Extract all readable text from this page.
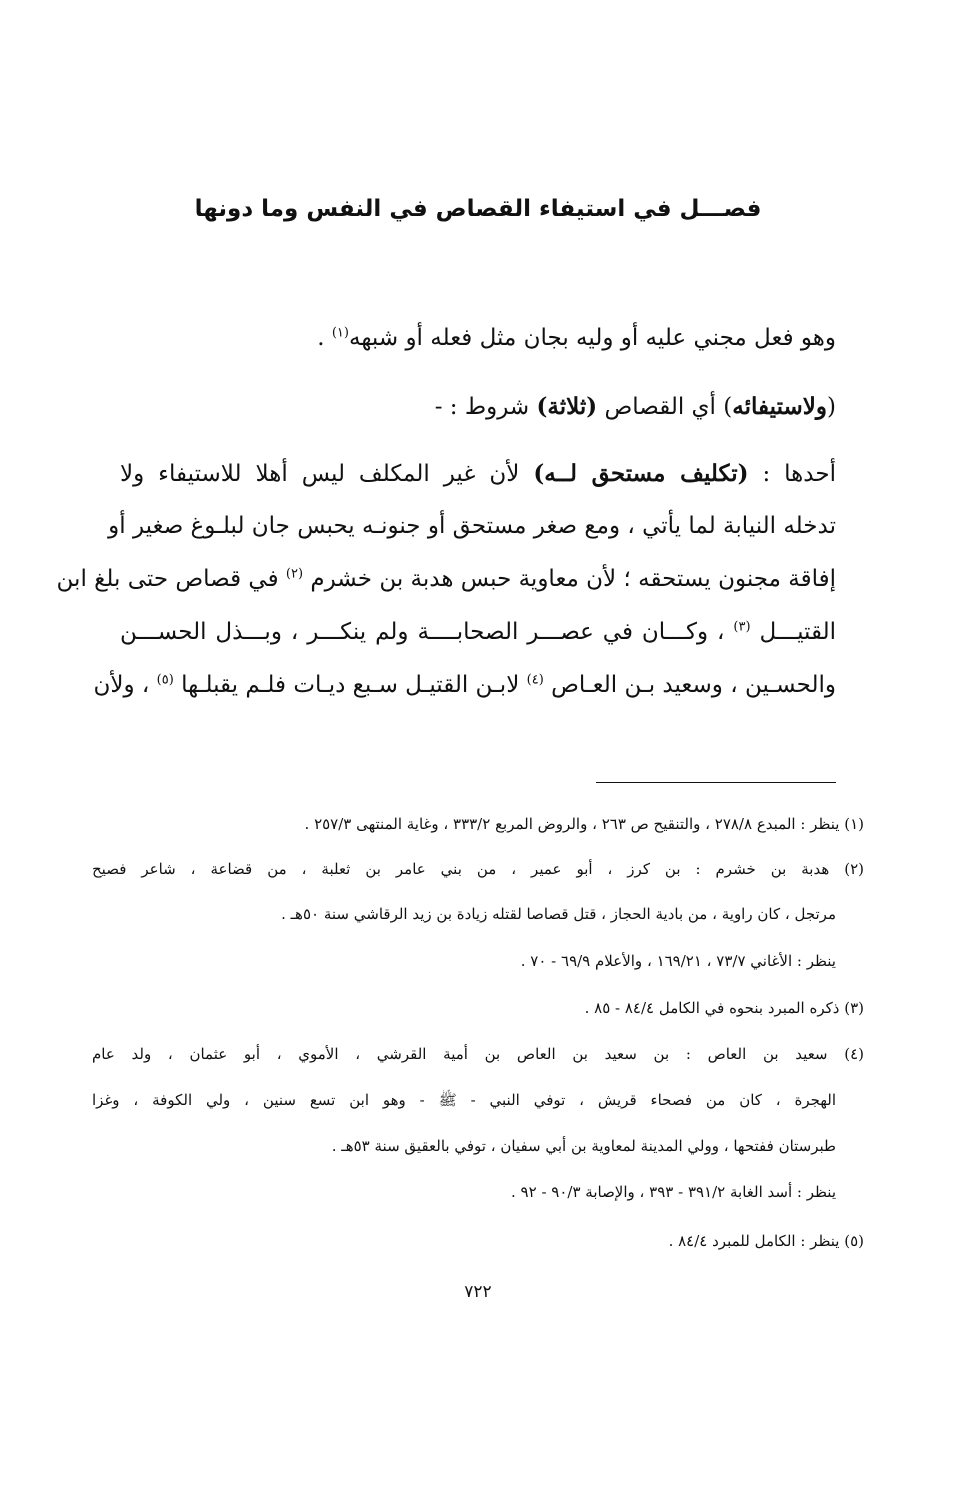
فصـــل في استيفاء القصاص في النفس وما دونها
وهو فعل مجني عليه أو وليه بجان مثل فعله أو شبهه$^{(١)}$ .
(ولاستيفائه) أي القصاص (ثلاثة) شروط : -
أحدها : (تكليف مستحق لــه) لأن غير المكلف ليس أهلا للاستيفاء ولا
تدخله النيابة لما يأتي ، ومع صغر مستحق أو جنونـه يحبس جان لبلـوغ صغير أو
إفاقة مجنون يستحقه ؛ لأن معاوية حبس هدبة بن خشرم $^{(٢)}$ في قصاص حتى بلغ ابن
القتيـــل $^{(٣)}$ ، وكـــان في عصـــر الصحابــــة ولم ينكـــر ، وبـــذل الحســـن
والحسـين ، وسعيد بـن العـاص $^{(٤)}$ لابـن القتيـل سـبع ديـات فلـم يقبلـها $^{(٥)}$ ، ولأن
(١) ينظر : المبدع ٢٧٨/٨ ، والتنقيح ص ٢٦٣ ، والروض المربع ٣٣٣/٢ ، وغاية المنتهى ٢٥٧/٣ .
(٢) هدبة بن خشرم : بن كرز ، أبو عمير ، من بني عامر بن ثعلبة ، من قضاعة ، شاعر فصيح
مرتجل ، كان راوية ، من بادية الحجاز ، قتل قصاصا لقتله زيادة بن زيد الرقاشي سنة ٥٠هـ .
ينظر : الأغاني ٧٣/٧ ، ١٦٩/٢١ ، والأعلام ٦٩/٩ - ٧٠ .
(٣) ذكره المبرد بنحوه في الكامل ٨٤/٤ - ٨٥ .
(٤) سعيد بن العاص : بن سعيد بن العاص بن أمية القرشي ، الأموي ، أبو عثمان ، ولد عام
الهجرة ، كان من فصحاء قريش ، توفي النبي - ﷺ - وهو ابن تسع سنين ، ولي الكوفة ، وغزا
طبرستان ففتحها ، وولي المدينة لمعاوية بن أبي سفيان ، توفي بالعقيق سنة ٥٣هـ .
ينظر : أسد الغابة ٣٩١/٢ - ٣٩٣ ، والإصابة ٩٠/٣ - ٩٢ .
(٥) ينظر : الكامل للمبرد ٨٤/٤ .
٧٢٢
